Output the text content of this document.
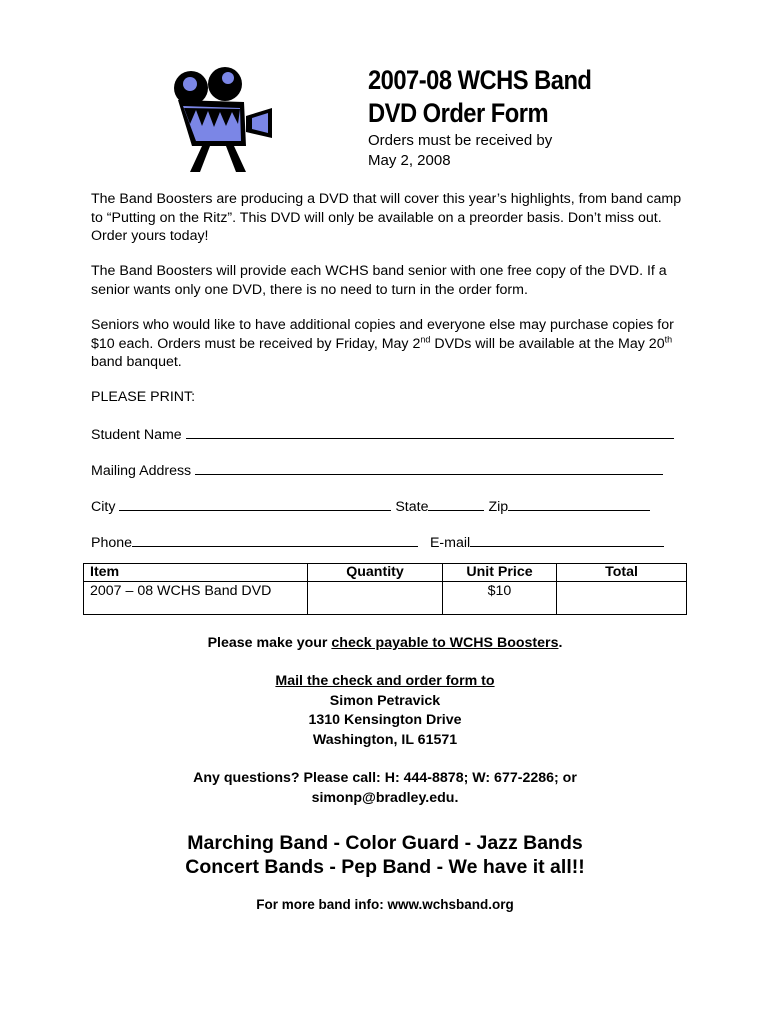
2007-08 WCHS Band
DVD Order Form
Orders must be received by
May 2, 2008
The Band Boosters are producing a DVD that will cover this year’s highlights, from band camp to “Putting on the Ritz”. This DVD will only be available on a preorder basis. Don’t miss out. Order yours today!
The Band Boosters will provide each WCHS band senior with one free copy of the DVD. If a senior wants only one DVD, there is no need to turn in the order form.
Seniors who would like to have additional copies and everyone else may purchase copies for $10 each. Orders must be received by Friday, May 2nd DVDs will be available at the May 20th band banquet.
PLEASE PRINT:
Student Name
Mailing Address
City	State	Zip
Phone	E-mail
Item	Quantity	Unit Price	Total
2007 – 08 WCHS Band DVD		$10	
Please make your check payable to WCHS Boosters.
Mail the check and order form to
Simon Petravick
1310 Kensington Drive
Washington, IL 61571
Any questions? Please call: H: 444-8878; W: 677-2286; or
simonp@bradley.edu.
Marching Band - Color Guard - Jazz Bands
Concert Bands - Pep Band - We have it all!!
For more band info: www.wchsband.org
